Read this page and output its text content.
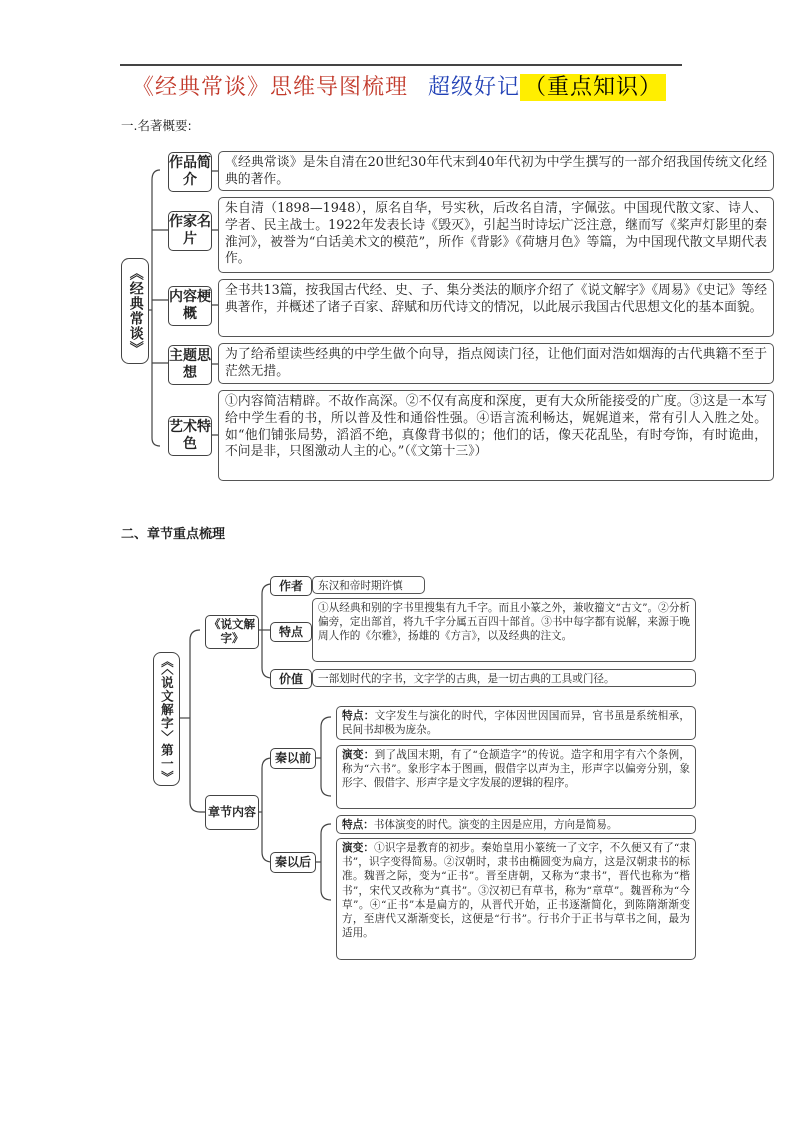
《经典常谈》思维导图梳理 超级好记 （重点知识）
一.名著概要:
《经典常谈》
作品简介
作家名片
内容梗概
主题思想
艺术特色
《经典常谈》是朱自清在20世纪30年代末到40年代初为中学生撰写的一部介绍我国传统文化经典的著作。
朱自清（1898—1948），原名自华，号实秋，后改名自清，字佩弦。中国现代散文家、诗人、学者、民主战士。1922年发表长诗《毁灭》，引起当时诗坛广泛注意，继而写《桨声灯影里的秦淮河》，被誉为“白话美术文的模范”，所作《背影》《荷塘月色》等篇，为中国现代散文早期代表作。
全书共13篇，按我国古代经、史、子、集分类法的顺序介绍了《说文解字》《周易》《史记》等经典著作，并概述了诸子百家、辞赋和历代诗文的情况，以此展示我国古代思想文化的基本面貌。
为了给希望读些经典的中学生做个向导，指点阅读门径，让他们面对浩如烟海的古代典籍不至于茫然无措。
①内容简洁精辟。不故作高深。②不仅有高度和深度，更有大众所能接受的广度。③这是一本写给中学生看的书，所以普及性和通俗性强。④语言流利畅达，娓娓道来，常有引人入胜之处。如“他们铺张局势，滔滔不绝，真像背书似的；他们的话，像天花乱坠，有时夸饰，有时诡曲，不问是非，只图激动人主的心。”（《文第十三》）
二、章节重点梳理
《〈说文解字〉第一》
《说文解字》
章节内容
作者
特点
价值
东汉和帝时期许慎
①从经典和别的字书里搜集有九千字。而且小篆之外，兼收籀文“古文”。②分析偏旁，定出部首，将九千字分属五百四十部首。③书中每字都有说解，来源于晚周人作的《尔雅》，扬雄的《方言》，以及经典的注文。
一部划时代的字书，文字学的古典，是一切古典的工具或门径。
秦以前
秦以后
特点：文字发生与演化的时代，字体因世因国而异，官书虽是系统相承，民间书却极为庞杂。
演变：到了战国末期，有了“仓颉造字”的传说。造字和用字有六个条例，称为“六书”。象形字本于图画，假借字以声为主，形声字以偏旁分别，象形字、假借字、形声字是文字发展的逻辑的程序。
特点：书体演变的时代。演变的主因是应用，方向是简易。
演变：①识字是教育的初步。秦始皇用小篆统一了文字，不久便又有了“隶书”，识字变得简易。②汉朝时，隶书由椭圆变为扁方，这是汉朝隶书的标准。魏晋之际，变为“正书”。晋至唐朝，又称为“隶书”，晋代也称为“楷书”，宋代又改称为“真书”。③汉初已有草书，称为“章草”。魏晋称为“今草”。④“正书”本是扁方的，从晋代开始，正书逐渐简化，到陈隋渐渐变方，至唐代又渐渐变长，这便是“行书”。行书介于正书与草书之间，最为适用。
